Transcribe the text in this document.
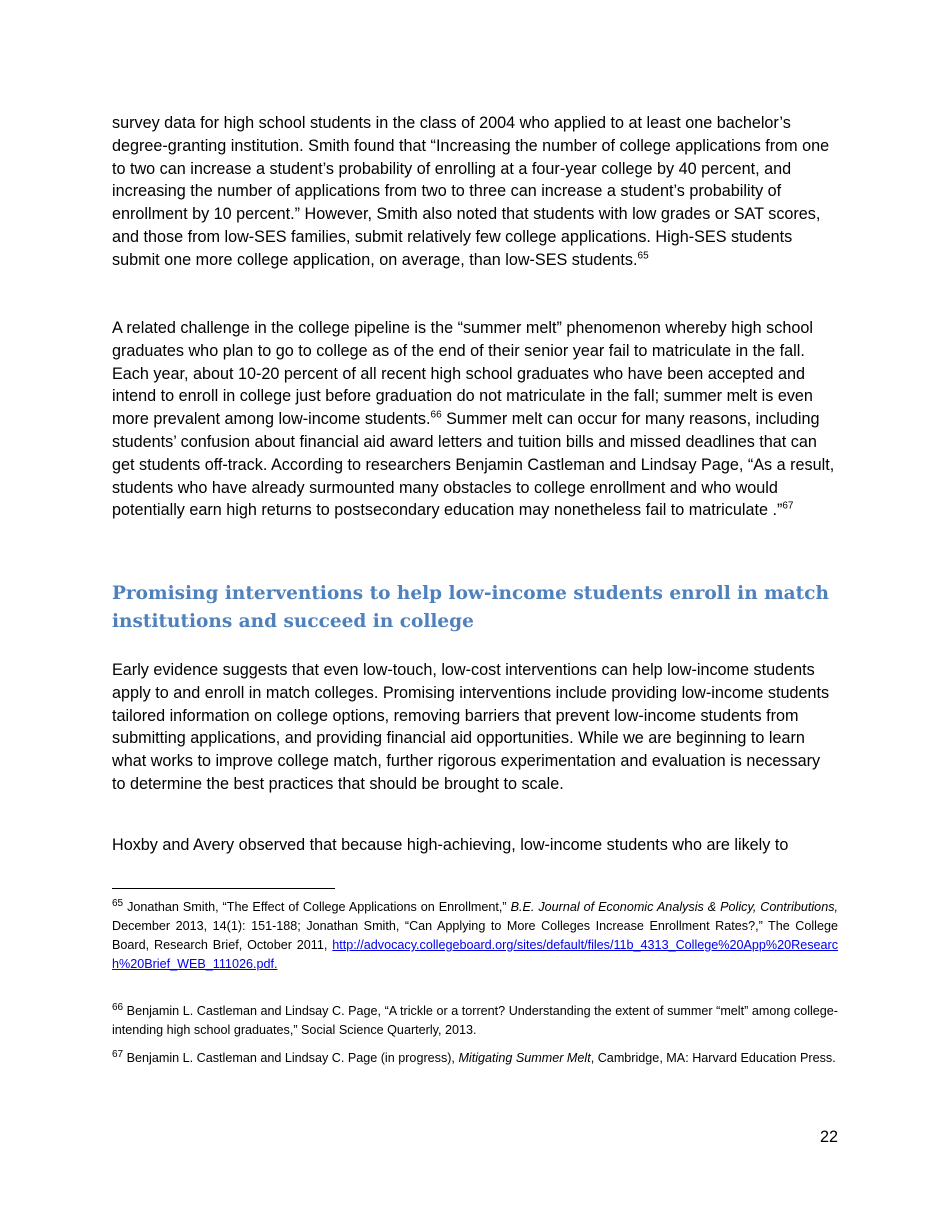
survey data for high school students in the class of 2004 who applied to at least one bachelor’s degree-granting institution. Smith found that “Increasing the number of college applications from one to two can increase a student’s probability of enrolling at a four-year college by 40 percent, and increasing the number of applications from two to three can increase a student’s probability of enrollment by 10 percent.” However, Smith also noted that students with low grades or SAT scores, and those from low-SES families, submit relatively few college applications. High-SES students submit one more college application, on average, than low-SES students.$^{65}$

A related challenge in the college pipeline is the “summer melt” phenomenon whereby high school graduates who plan to go to college as of the end of their senior year fail to matriculate in the fall. Each year, about 10-20 percent of all recent high school graduates who have been accepted and intend to enroll in college just before graduation do not matriculate in the fall; summer melt is even more prevalent among low-income students.$^{66}$ Summer melt can occur for many reasons, including students’ confusion about financial aid award letters and tuition bills and missed deadlines that can get students off-track. According to researchers Benjamin Castleman and Lindsay Page, “As a result, students who have already surmounted many obstacles to college enrollment and who would potentially earn high returns to postsecondary education may nonetheless fail to matriculate .”$^{67}$

Promising interventions to help low-income students enroll in match institutions and succeed in college

Early evidence suggests that even low-touch, low-cost interventions can help low-income students apply to and enroll in match colleges. Promising interventions include providing low-income students tailored information on college options, removing barriers that prevent low-income students from submitting applications, and providing financial aid opportunities. While we are beginning to learn what works to improve college match, further rigorous experimentation and evaluation is necessary to determine the best practices that should be brought to scale.

Hoxby and Avery observed that because high-achieving, low-income students who are likely to

$^{65}$ Jonathan Smith, “The Effect of College Applications on Enrollment,” B.E. Journal of Economic Analysis & Policy, Contributions, December 2013, 14(1): 151-188; Jonathan Smith, “Can Applying to More Colleges Increase Enrollment Rates?,” The College Board, Research Brief, October 2011, http://advocacy.collegeboard.org/sites/default/files/11b_4313_College%20App%20Research%20Brief_WEB_111026.pdf.

$^{66}$ Benjamin L. Castleman and Lindsay C. Page, “A trickle or a torrent? Understanding the extent of summer “melt” among college-intending high school graduates,” Social Science Quarterly, 2013.

$^{67}$ Benjamin L. Castleman and Lindsay C. Page (in progress), Mitigating Summer Melt, Cambridge, MA: Harvard Education Press.

22
